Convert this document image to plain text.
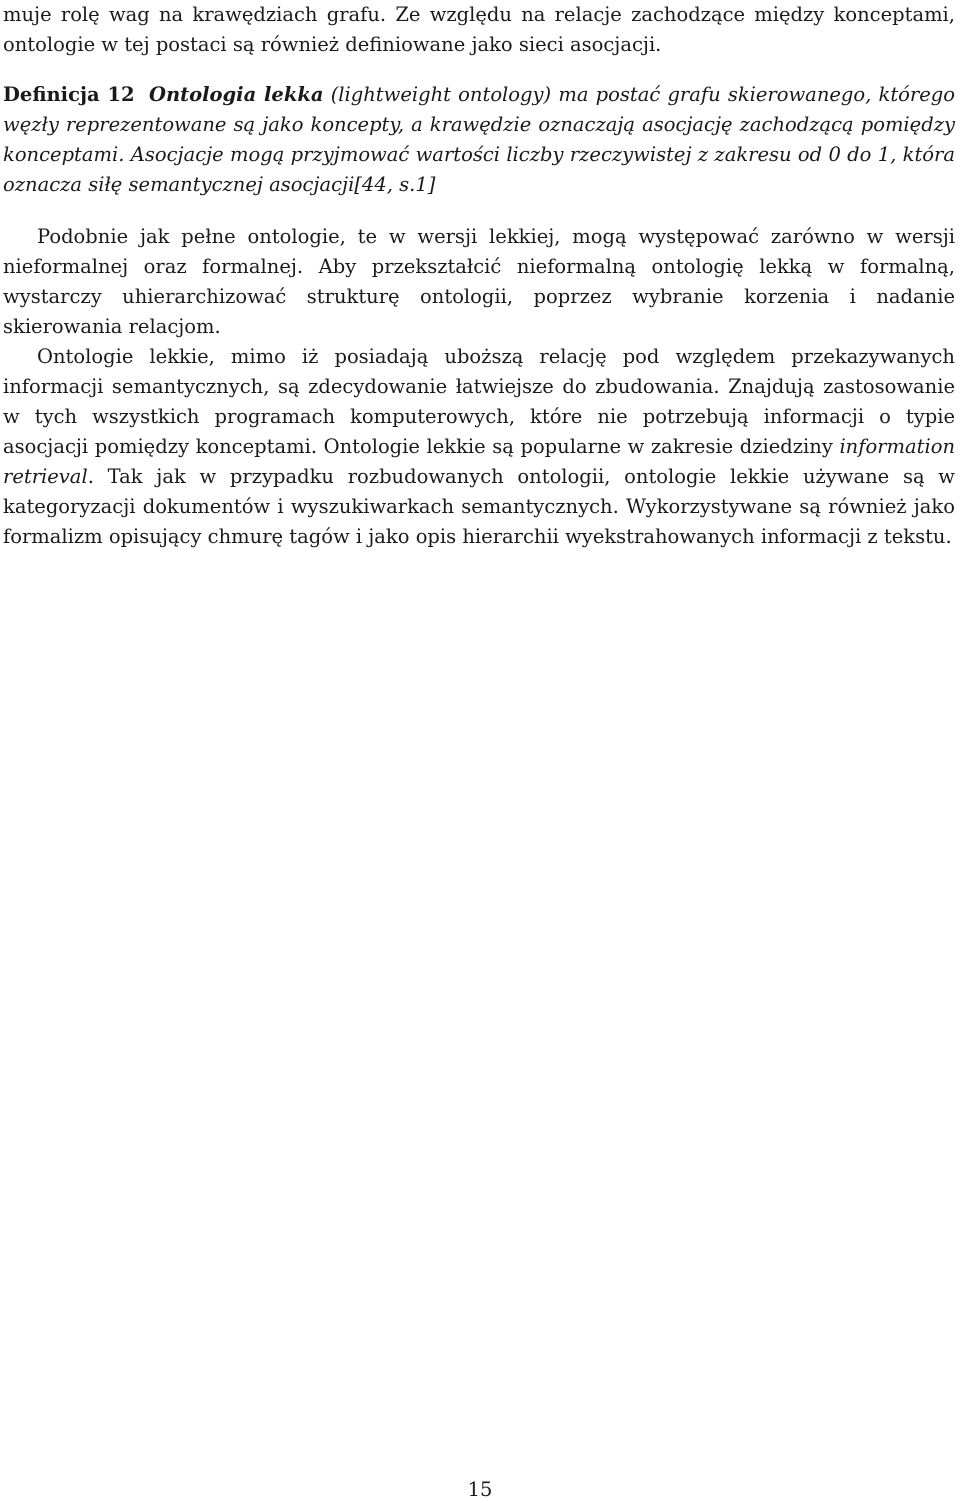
muje rolę wag na krawędziach grafu. Ze względu na relacje zachodzące między konceptami, ontologie w tej postaci są również definiowane jako sieci asocjacji.

Definicja 12 Ontologia lekka (lightweight ontology) ma postać grafu skierowanego, którego węzły reprezentowane są jako koncepty, a krawędzie oznaczają asocjację zachodzącą pomiędzy konceptami. Asocjacje mogą przyjmować wartości liczby rzeczywistej z zakresu od 0 do 1, która oznacza siłę semantycznej asocjacji[44, s.1]

Podobnie jak pełne ontologie, te w wersji lekkiej, mogą występować zarówno w wersji nieformalnej oraz formalnej. Aby przekształcić nieformalną ontologię lekką w formalną, wystarczy uhierarchizować strukturę ontologii, poprzez wybranie korzenia i nadanie skierowania relacjom.

Ontologie lekkie, mimo iż posiadają uboższą relację pod względem przekazywanych informacji semantycznych, są zdecydowanie łatwiejsze do zbudowania. Znajdują zastosowanie w tych wszystkich programach komputerowych, które nie potrzebują informacji o typie asocjacji pomiędzy konceptami. Ontologie lekkie są popularne w zakresie dziedziny information retrieval. Tak jak w przypadku rozbudowanych ontologii, ontologie lekkie używane są w kategoryzacji dokumentów i wyszukiwarkach semantycznych. Wykorzystywane są również jako formalizm opisujący chmurę tagów i jako opis hierarchii wyekstrahowanych informacji z tekstu.

15
